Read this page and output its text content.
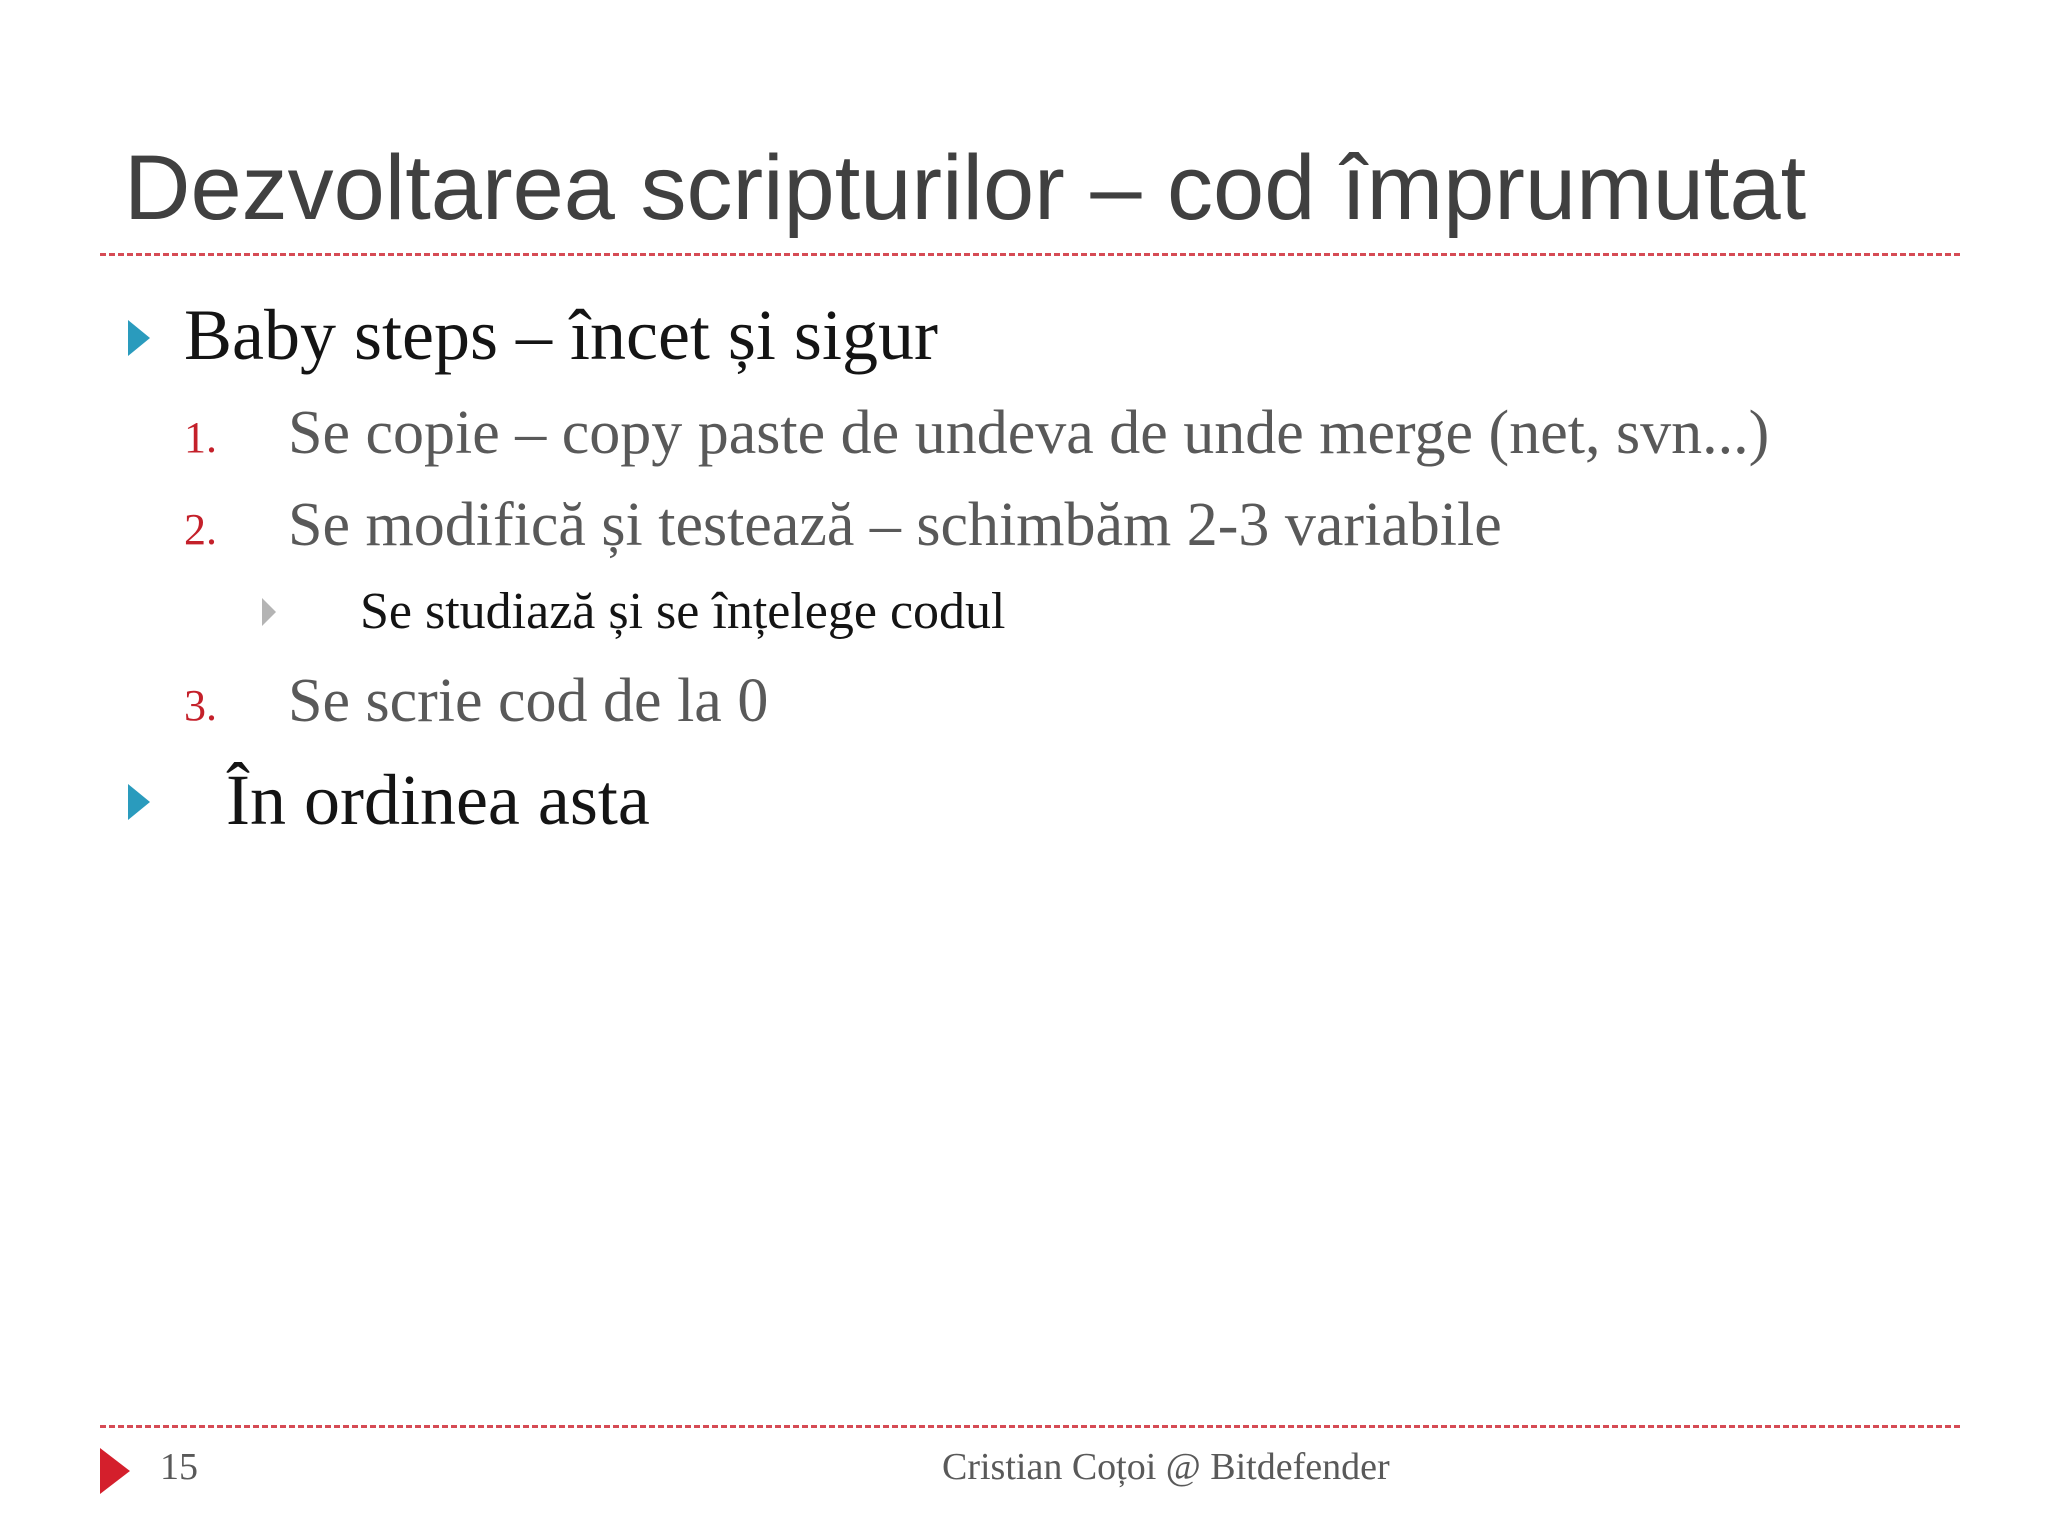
Dezvoltarea scripturilor – cod împrumutat
Baby steps – încet și sigur
1. Se copie – copy paste de undeva de unde merge (net, svn...)
2. Se modifică și testează – schimbăm 2-3 variabile
Se studiază și se înțelege codul
3. Se scrie cod de la 0
În ordinea asta
15	Cristian Coțoi @ Bitdefender
